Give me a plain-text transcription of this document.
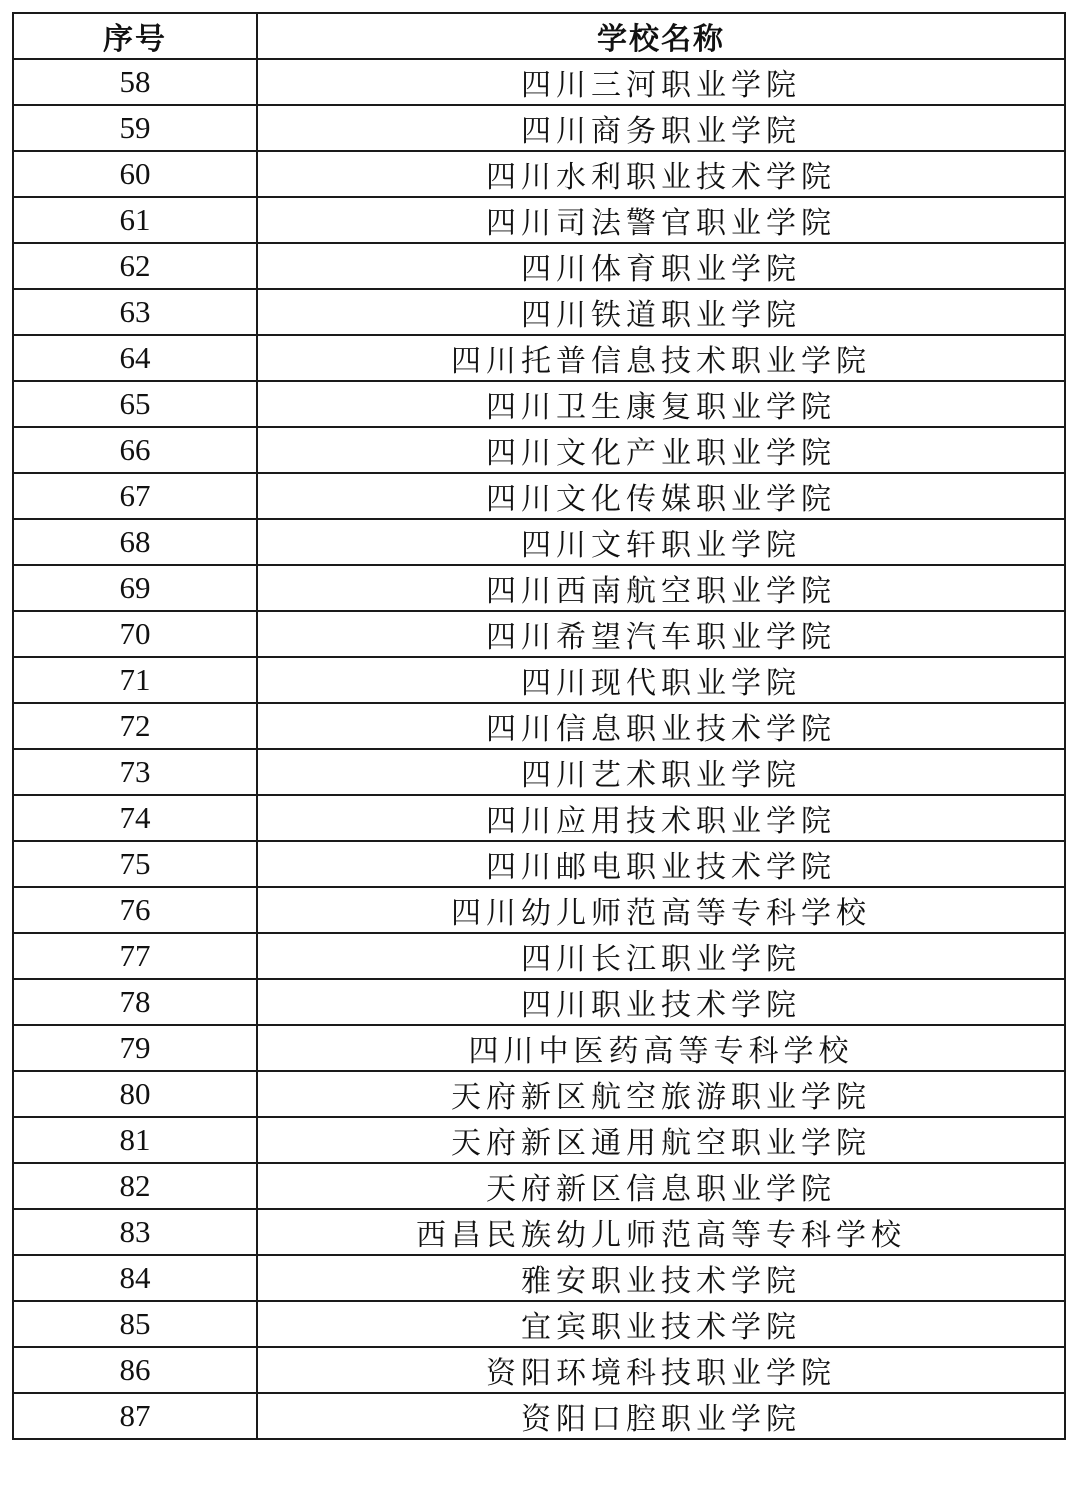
序号	学校名称
58	四川三河职业学院
59	四川商务职业学院
60	四川水利职业技术学院
61	四川司法警官职业学院
62	四川体育职业学院
63	四川铁道职业学院
64	四川托普信息技术职业学院
65	四川卫生康复职业学院
66	四川文化产业职业学院
67	四川文化传媒职业学院
68	四川文轩职业学院
69	四川西南航空职业学院
70	四川希望汽车职业学院
71	四川现代职业学院
72	四川信息职业技术学院
73	四川艺术职业学院
74	四川应用技术职业学院
75	四川邮电职业技术学院
76	四川幼儿师范高等专科学校
77	四川长江职业学院
78	四川职业技术学院
79	四川中医药高等专科学校
80	天府新区航空旅游职业学院
81	天府新区通用航空职业学院
82	天府新区信息职业学院
83	西昌民族幼儿师范高等专科学校
84	雅安职业技术学院
85	宜宾职业技术学院
86	资阳环境科技职业学院
87	资阳口腔职业学院
